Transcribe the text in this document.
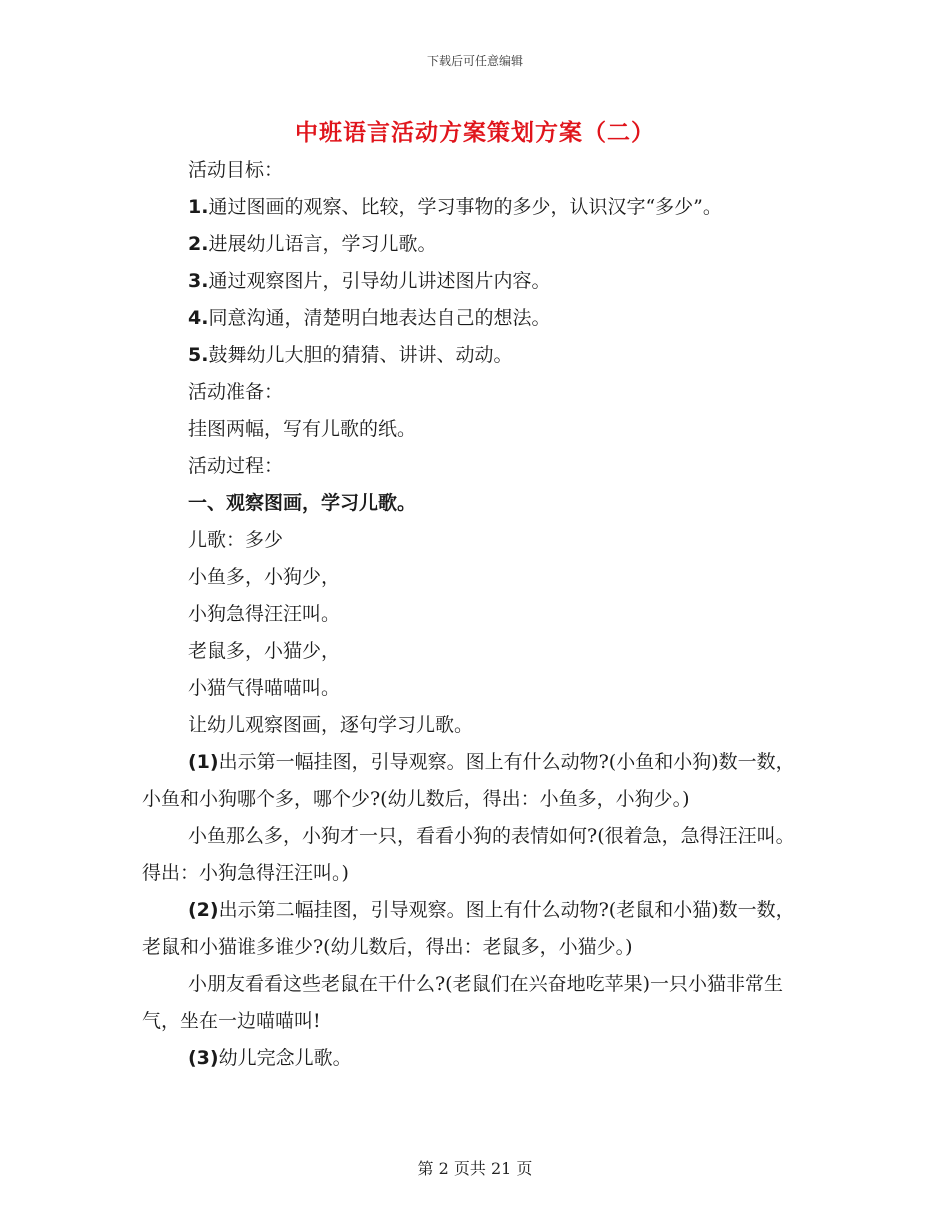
下载后可任意编辑
中班语言活动方案策划方案（二）

活动目标：

1.通过图画的观察、比较，学习事物的多少，认识汉字“多少”。

2.进展幼儿语言，学习儿歌。

3.通过观察图片，引导幼儿讲述图片内容。

4.同意沟通，清楚明白地表达自己的想法。

5.鼓舞幼儿大胆的猜猜、讲讲、动动。

活动准备：

挂图两幅，写有儿歌的纸。

活动过程：

一、观察图画，学习儿歌。

儿歌：多少

小鱼多，小狗少，

小狗急得汪汪叫。

老鼠多，小猫少，

小猫气得喵喵叫。

让幼儿观察图画，逐句学习儿歌。

(1)出示第一幅挂图，引导观察。图上有什么动物?(小鱼和小狗)数一数，小鱼和小狗哪个多，哪个少?(幼儿数后，得出：小鱼多，小狗少。)

小鱼那么多，小狗才一只，看看小狗的表情如何?(很着急，急得汪汪叫。得出：小狗急得汪汪叫。)

(2)出示第二幅挂图，引导观察。图上有什么动物?(老鼠和小猫)数一数，老鼠和小猫谁多谁少?(幼儿数后，得出：老鼠多，小猫少。)

小朋友看看这些老鼠在干什么?(老鼠们在兴奋地吃苹果)一只小猫非常生气，坐在一边喵喵叫!

(3)幼儿完念儿歌。

第 2 页共 21 页
